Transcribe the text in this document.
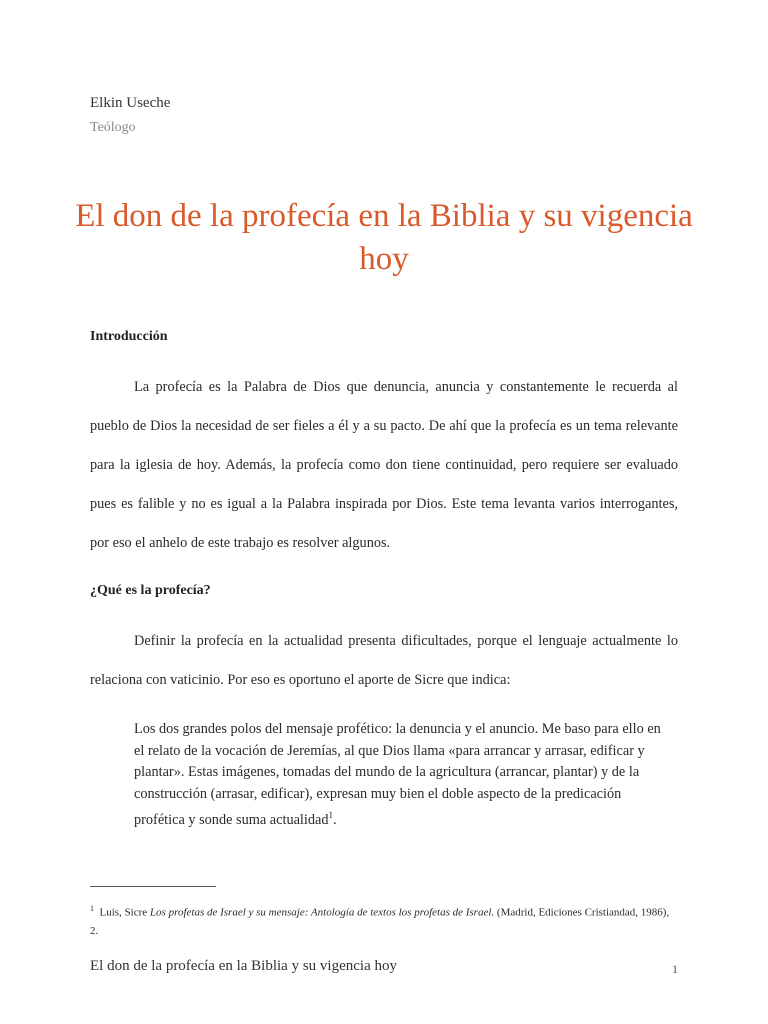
Elkin Useche
Teólogo
El don de la profecía en la Biblia y su vigencia hoy
Introducción
La profecía es la Palabra de Dios que denuncia, anuncia y constantemente le recuerda al pueblo de Dios la necesidad de ser fieles a él y a su pacto. De ahí que la profecía es un tema relevante para la iglesia de hoy. Además, la profecía como don tiene continuidad, pero requiere ser evaluado pues es falible y no es igual a la Palabra inspirada por Dios. Este tema levanta varios interrogantes, por eso el anhelo de este trabajo es resolver algunos.
¿Qué es la profecía?
Definir la profecía en la actualidad presenta dificultades, porque el lenguaje actualmente lo relaciona con vaticinio. Por eso es oportuno el aporte de Sicre que indica:
Los dos grandes polos del mensaje profético: la denuncia y el anuncio. Me baso para ello en el relato de la vocación de Jeremías, al que Dios llama «para arrancar y arrasar, edificar y plantar». Estas imágenes, tomadas del mundo de la agricultura (arrancar, plantar) y de la construcción (arrasar, edificar), expresan muy bien el doble aspecto de la predicación profética y sonde suma actualidad$^1$.
$^1$ Luis, Sicre Los profetas de Israel y su mensaje: Antología de textos los profetas de Israel. (Madrid, Ediciones Cristiandad, 1986), 2.
El don de la profecía en la Biblia y su vigencia hoy	1
